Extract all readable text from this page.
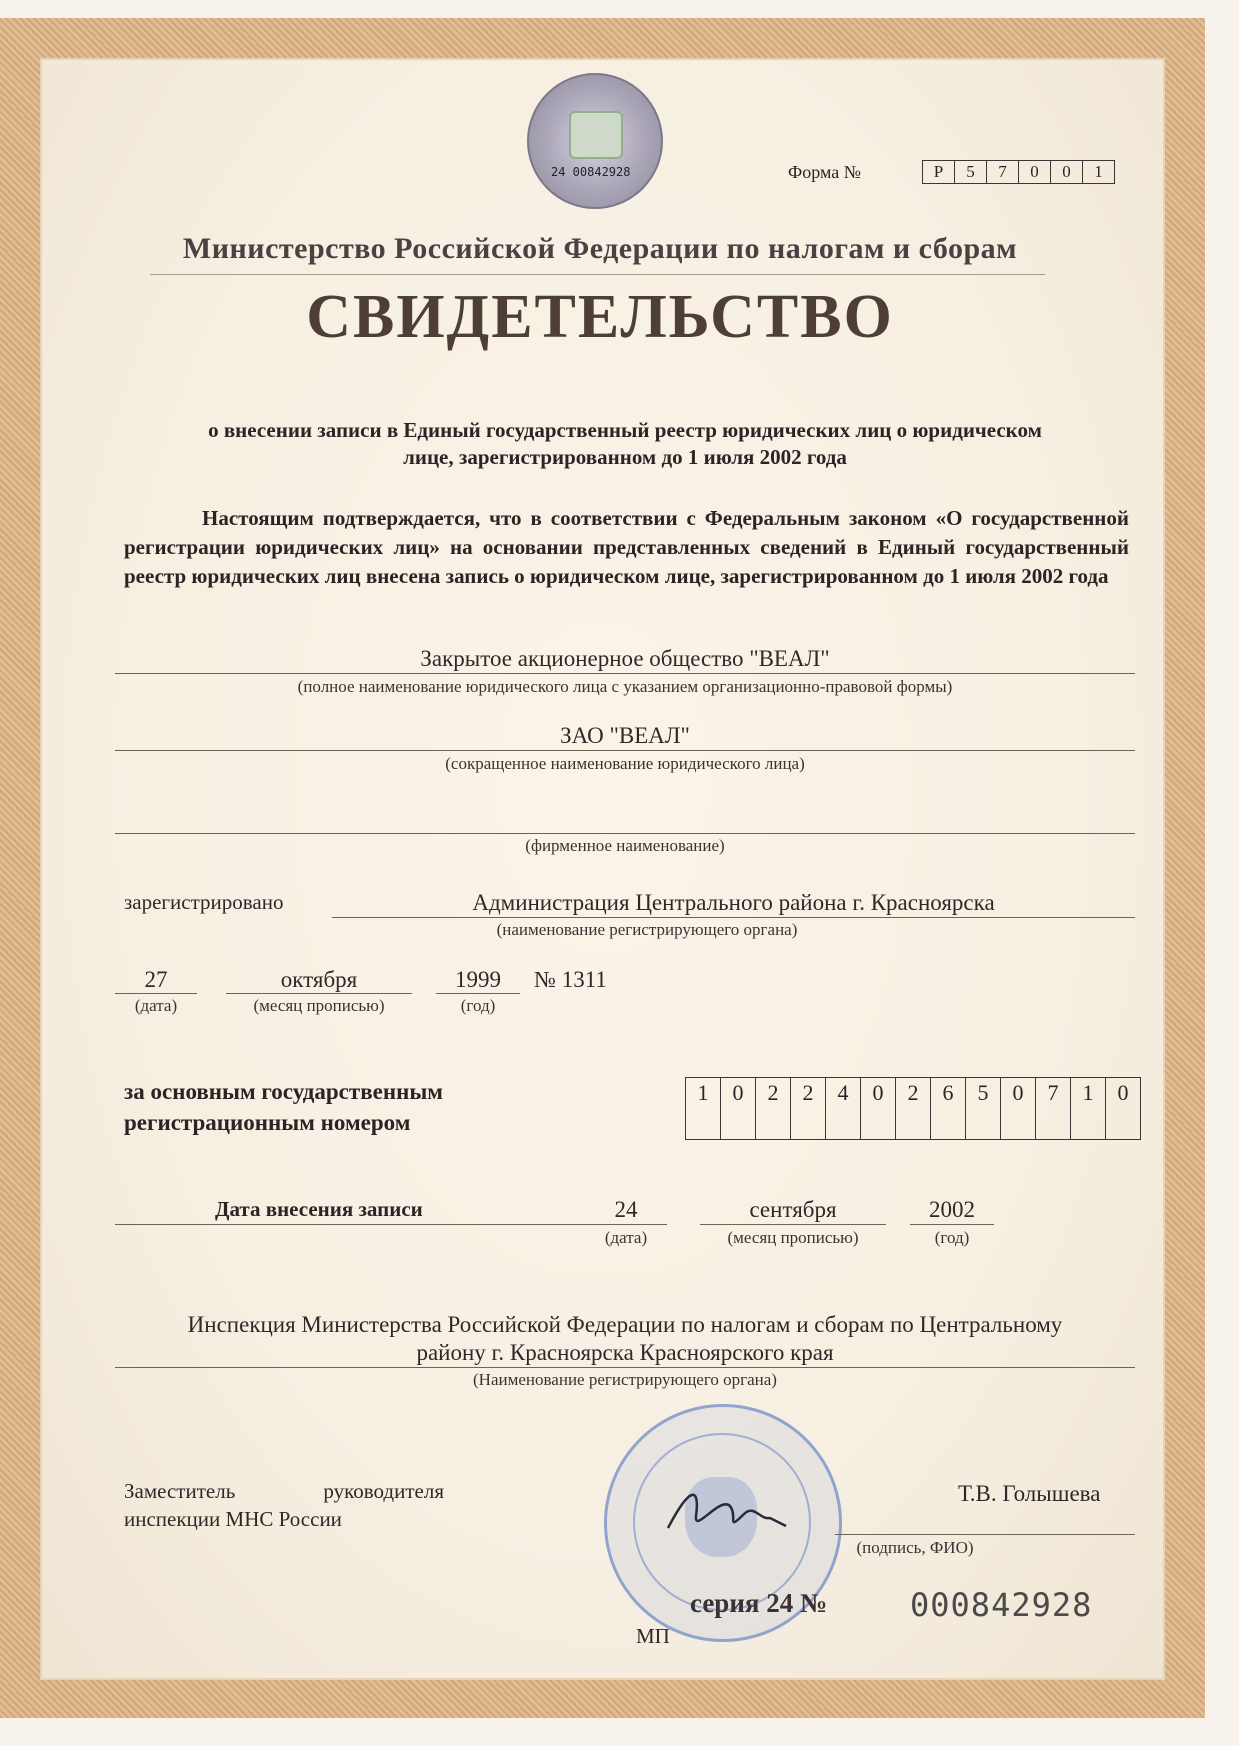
24 00842928	Форма №	Р	5	7	0	0	1
Министерство Российской Федерации по налогам и сборам
СВИДЕТЕЛЬСТВО
о внесении записи в Единый государственный реестр юридических лиц о юридическом
лице, зарегистрированном до 1 июля 2002 года
Настоящим подтверждается, что в соответствии с Федеральным законом «О государственной регистрации юридических лиц» на основании представленных сведений в Единый государственный реестр юридических лиц внесена запись о юридическом лице, зарегистрированном до 1 июля 2002 года
Закрытое акционерное общество "ВЕАЛ"
(полное наименование юридического лица с указанием организационно-правовой формы)
ЗАО "ВЕАЛ"
(сокращенное наименование юридического лица)
(фирменное наименование)
зарегистрировано	Администрация Центрального района г. Красноярска
(наименование регистрирующего органа)
27
(дата)
октября
(месяц прописью)
1999
(год)
№ 1311
за основным государственным
регистрационным номером
1	0	2	2	4	0	2	6	5	0	7	1	0
Дата внесения записи	24
(дата)
сентября
(месяц прописью)
2002
(год)
Инспекция Министерства Российской Федерации по налогам и сборам по Центральному
району г. Красноярска Красноярского края
(Наименование регистрирующего органа)
Заместитель руководителя
инспекции МНС России
Т.В. Голышева
(подпись, ФИО)
серия 24 №	000842928
МП
